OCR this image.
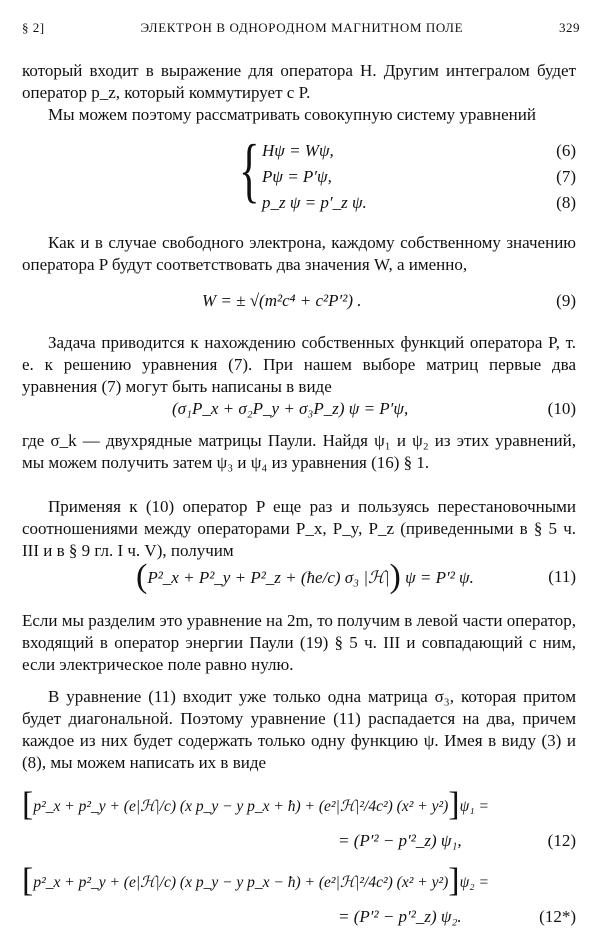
§ 2]	ЭЛЕКТРОН В ОДНОРОДНОМ МАГНИТНОМ ПОЛЕ	329
который входит в выражение для оператора H. Другим интегралом будет оператор p_z, который коммутирует с P.
Мы можем поэтому рассматривать совокупную систему уравнений
{ Hψ = Wψ,	(6)
Pψ = P′ψ,	(7)
p_z ψ = p′_z ψ.	(8)
Как и в случае свободного электрона, каждому собственному значению оператора P будут соответствовать два значения W, а именно,
W = ± √(m²c⁴ + c²P′²) .	(9)
Задача приводится к нахождению собственных функций оператора P, т. е. к решению уравнения (7). При нашем выборе матриц первые два уравнения (7) могут быть написаны в виде
(σ₁P_x + σ₂P_y + σ₃P_z) ψ = P′ψ,	(10)
где σ_k — двухрядные матрицы Паули. Найдя ψ₁ и ψ₂ из этих уравнений, мы можем получить затем ψ₃ и ψ₄ из уравнения (16) § 1.
Применяя к (10) оператор P еще раз и пользуясь перестановочными соотношениями между операторами P_x, P_y, P_z (приведенными в § 5 ч. III и в § 9 гл. I ч. V), получим
(P²_x + P²_y + P²_z + (ħe/c) σ₃ |ℋ|) ψ = P′² ψ.	(11)
Если мы разделим это уравнение на 2m, то получим в левой части оператор, входящий в оператор энергии Паули (19) § 5 ч. III и совпадающий с ним, если электрическое поле равно нулю.
В уравнение (11) входит уже только одна матрица σ₃, которая притом будет диагональной. Поэтому уравнение (11) распадается на два, причем каждое из них будет содержать только одну функцию ψ. Имея в виду (3) и (8), мы можем написать их в виде
[p²_x + p²_y + (e|ℋ|/c) (x p_y − y p_x + ħ) + (e²|ℋ|²/4c²) (x² + y²)]ψ₁ =
= (P′² − p′²_z) ψ₁,	(12)
[p²_x + p²_y + (e|ℋ|/c) (x p_y − y p_x − ħ) + (e²|ℋ|²/4c²) (x² + y²)]ψ₂ =
= (P′² − p′²_z) ψ₂.	(12*)
